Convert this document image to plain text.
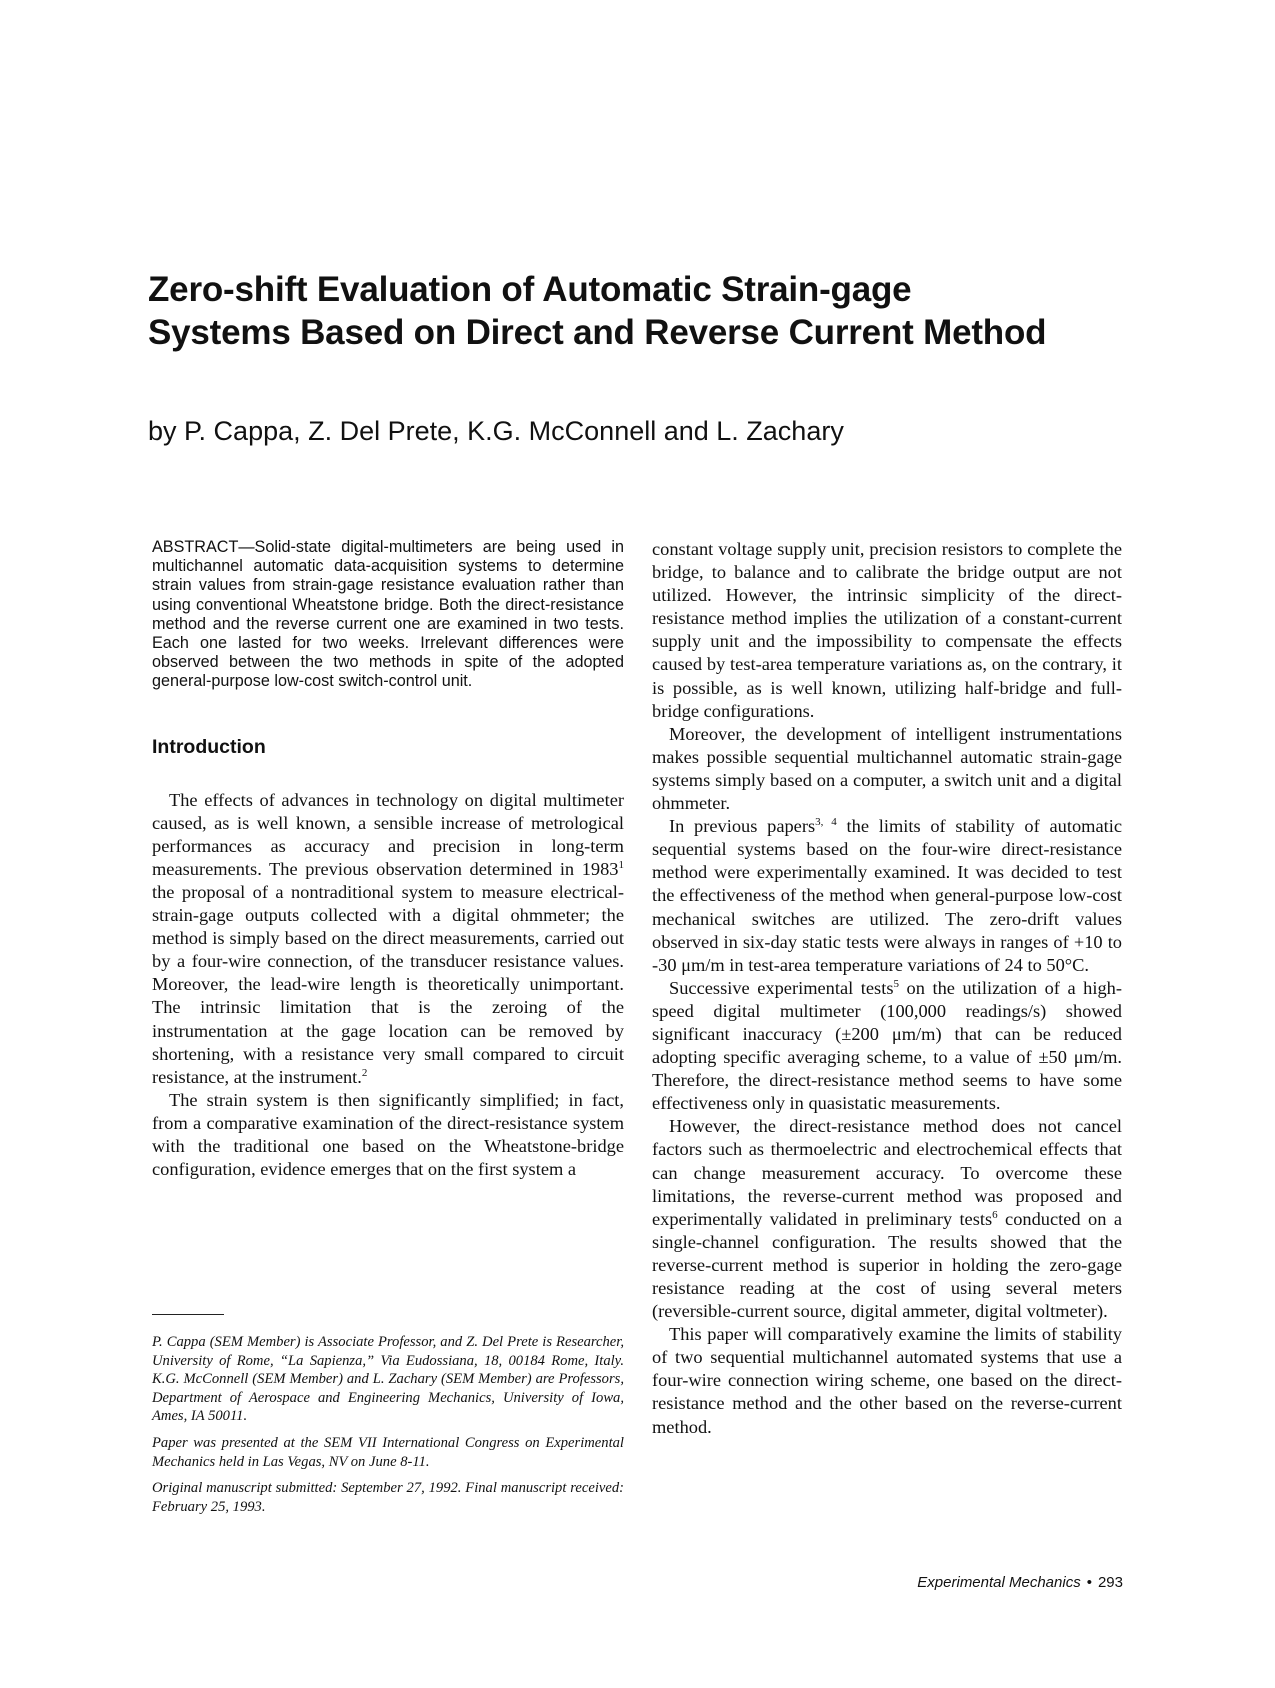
Zero-shift Evaluation of Automatic Strain-gage
Systems Based on Direct and Reverse Current Method

by P. Cappa, Z. Del Prete, K.G. McConnell and L. Zachary

ABSTRACT—Solid-state digital-multimeters are being used in multichannel automatic data-acquisition systems to determine strain values from strain-gage resistance evaluation rather than using conventional Wheatstone bridge. Both the direct-resistance method and the reverse current one are examined in two tests. Each one lasted for two weeks. Irrelevant differences were observed between the two methods in spite of the adopted general-purpose low-cost switch-control unit.

Introduction

The effects of advances in technology on digital multimeter caused, as is well known, a sensible increase of metrological performances as accuracy and precision in long-term measurements. The previous observation determined in 1983$^1$ the proposal of a nontraditional system to measure electrical-strain-gage outputs collected with a digital ohmmeter; the method is simply based on the direct measurements, carried out by a four-wire connection, of the transducer resistance values. Moreover, the lead-wire length is theoretically unimportant. The intrinsic limitation that is the zeroing of the instrumentation at the gage location can be removed by shortening, with a resistance very small compared to circuit resistance, at the instrument.$^2$

The strain system is then significantly simplified; in fact, from a comparative examination of the direct-resistance system with the traditional one based on the Wheatstone-bridge configuration, evidence emerges that on the first system a

P. Cappa (SEM Member) is Associate Professor, and Z. Del Prete is Researcher, University of Rome, “La Sapienza,” Via Eudossiana, 18, 00184 Rome, Italy. K.G. McConnell (SEM Member) and L. Zachary (SEM Member) are Professors, Department of Aerospace and Engineering Mechanics, University of Iowa, Ames, IA 50011.

Paper was presented at the SEM VII International Congress on Experimental Mechanics held in Las Vegas, NV on June 8-11.

Original manuscript submitted: September 27, 1992. Final manuscript received: February 25, 1993.

constant voltage supply unit, precision resistors to complete the bridge, to balance and to calibrate the bridge output are not utilized. However, the intrinsic simplicity of the direct-resistance method implies the utilization of a constant-current supply unit and the impossibility to compensate the effects caused by test-area temperature variations as, on the contrary, it is possible, as is well known, utilizing half-bridge and full-bridge configurations.

Moreover, the development of intelligent instrumentations makes possible sequential multichannel automatic strain-gage systems simply based on a computer, a switch unit and a digital ohmmeter.

In previous papers$^{3, 4}$ the limits of stability of automatic sequential systems based on the four-wire direct-resistance method were experimentally examined. It was decided to test the effectiveness of the method when general-purpose low-cost mechanical switches are utilized. The zero-drift values observed in six-day static tests were always in ranges of +10 to -30 μm/m in test-area temperature variations of 24 to 50°C.

Successive experimental tests$^5$ on the utilization of a high-speed digital multimeter (100,000 readings/s) showed significant inaccuracy (±200 μm/m) that can be reduced adopting specific averaging scheme, to a value of ±50 μm/m. Therefore, the direct-resistance method seems to have some effectiveness only in quasistatic measurements.

However, the direct-resistance method does not cancel factors such as thermoelectric and electrochemical effects that can change measurement accuracy. To overcome these limitations, the reverse-current method was proposed and experimentally validated in preliminary tests$^6$ conducted on a single-channel configuration. The results showed that the reverse-current method is superior in holding the zero-gage resistance reading at the cost of using several meters (reversible-current source, digital ammeter, digital voltmeter).

This paper will comparatively examine the limits of stability of two sequential multichannel automated systems that use a four-wire connection wiring scheme, one based on the direct-resistance method and the other based on the reverse-current method.

Experimental Mechanics • 293
